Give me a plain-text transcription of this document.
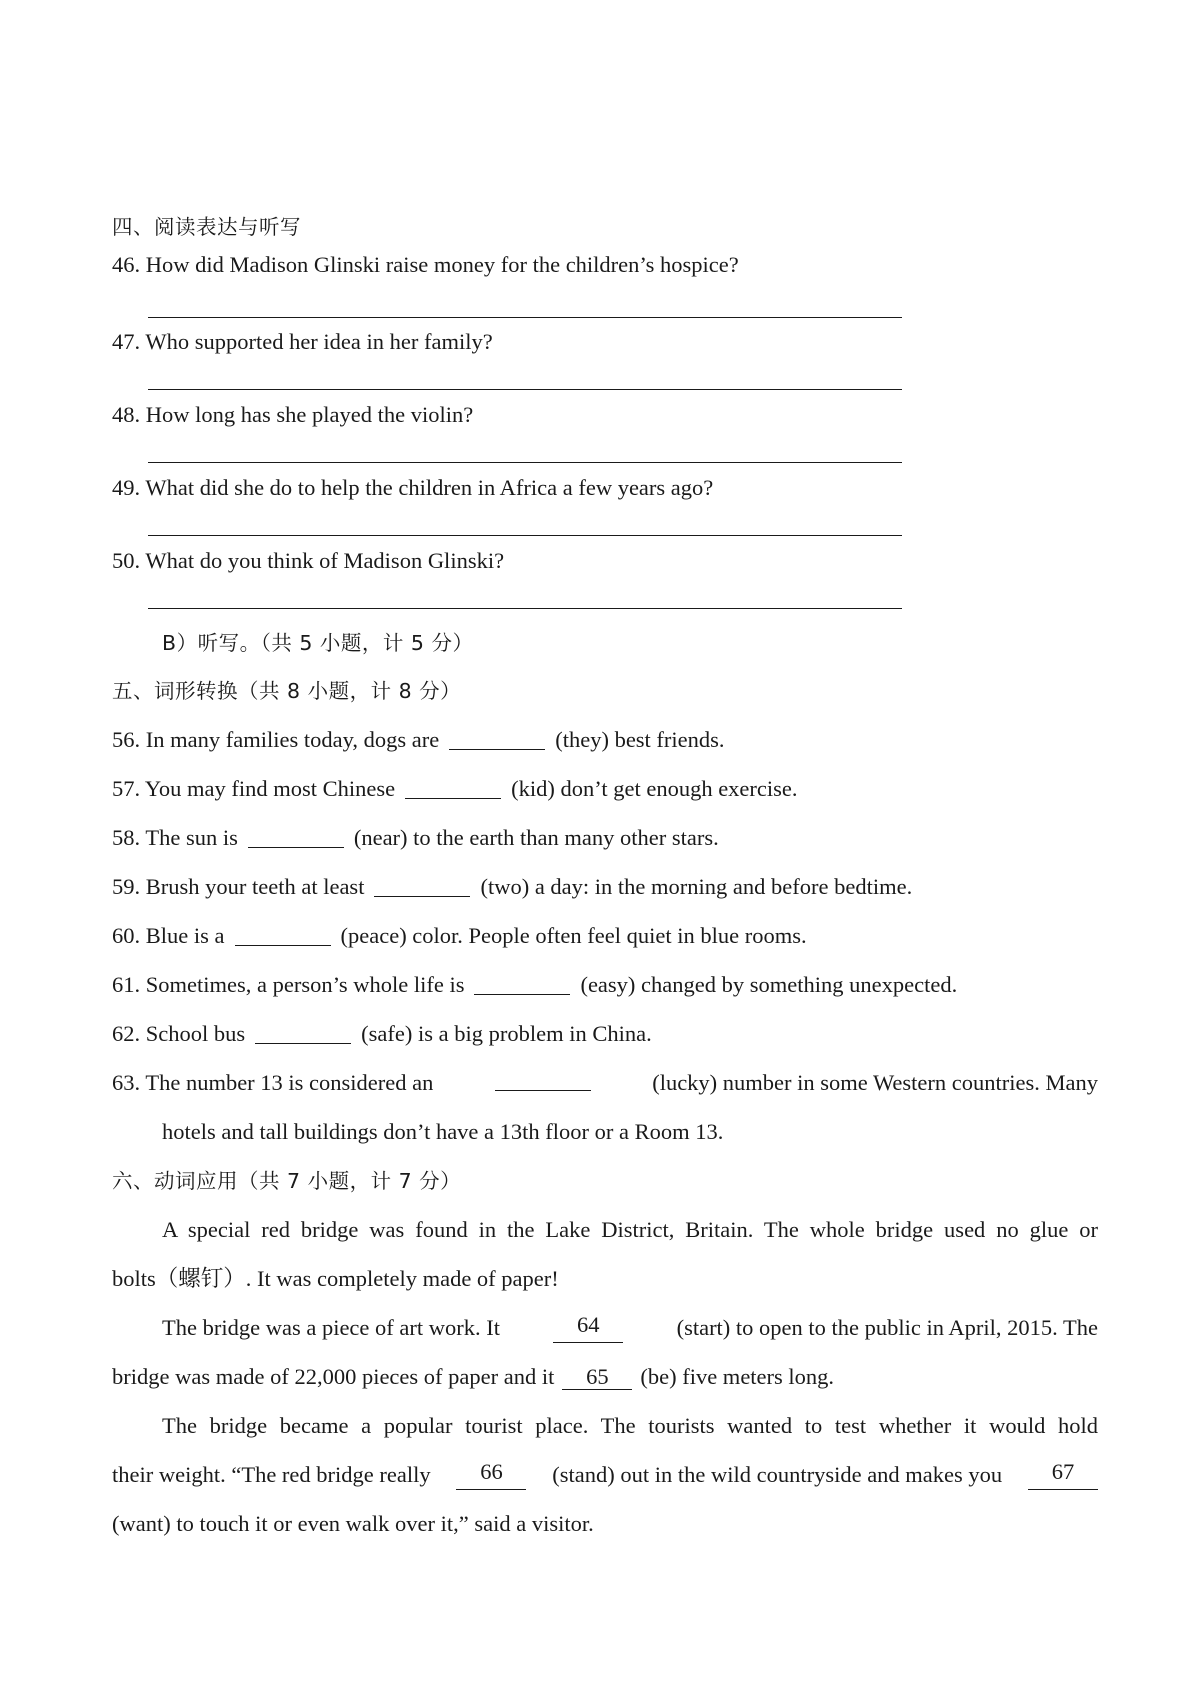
四、阅读表达与听写
46. How did Madison Glinski raise money for the children’s hospice?
47. Who supported her idea in her family?
48. How long has she played the violin?
49. What did she do to help the children in Africa a few years ago?
50. What do you think of Madison Glinski?
B）听写。（共 5 小题，计 5 分）
五、词形转换（共 8 小题，计 8 分）
56. In many families today, dogs are	(they) best friends.
57. You may find most Chinese	(kid) don’t get enough exercise.
58. The sun is	(near) to the earth than many other stars.
59. Brush your teeth at least	(two) a day: in the morning and before bedtime.
60. Blue is a	(peace) color. People often feel quiet in blue rooms.
61. Sometimes, a person’s whole life is	(easy) changed by something unexpected.
62. School bus	(safe) is a big problem in China.
63. The number 13 is considered an	(lucky) number in some Western countries. Many
hotels and tall buildings don’t have a 13th floor or a Room 13.
六、动词应用（共 7 小题，计 7 分）
A special red bridge was found in the Lake District, Britain. The whole bridge used no glue or
bolts（螺钉）. It was completely made of paper!
The bridge was a piece of art work. It	64	(start) to open to the public in April, 2015. The
bridge was made of 22,000 pieces of paper and it 65 (be) five meters long.
The bridge became a popular tourist place. The tourists wanted to test whether it would hold
their weight. “The red bridge really	66	(stand) out in the wild countryside and makes you	67
(want) to touch it or even walk over it,” said a visitor.
